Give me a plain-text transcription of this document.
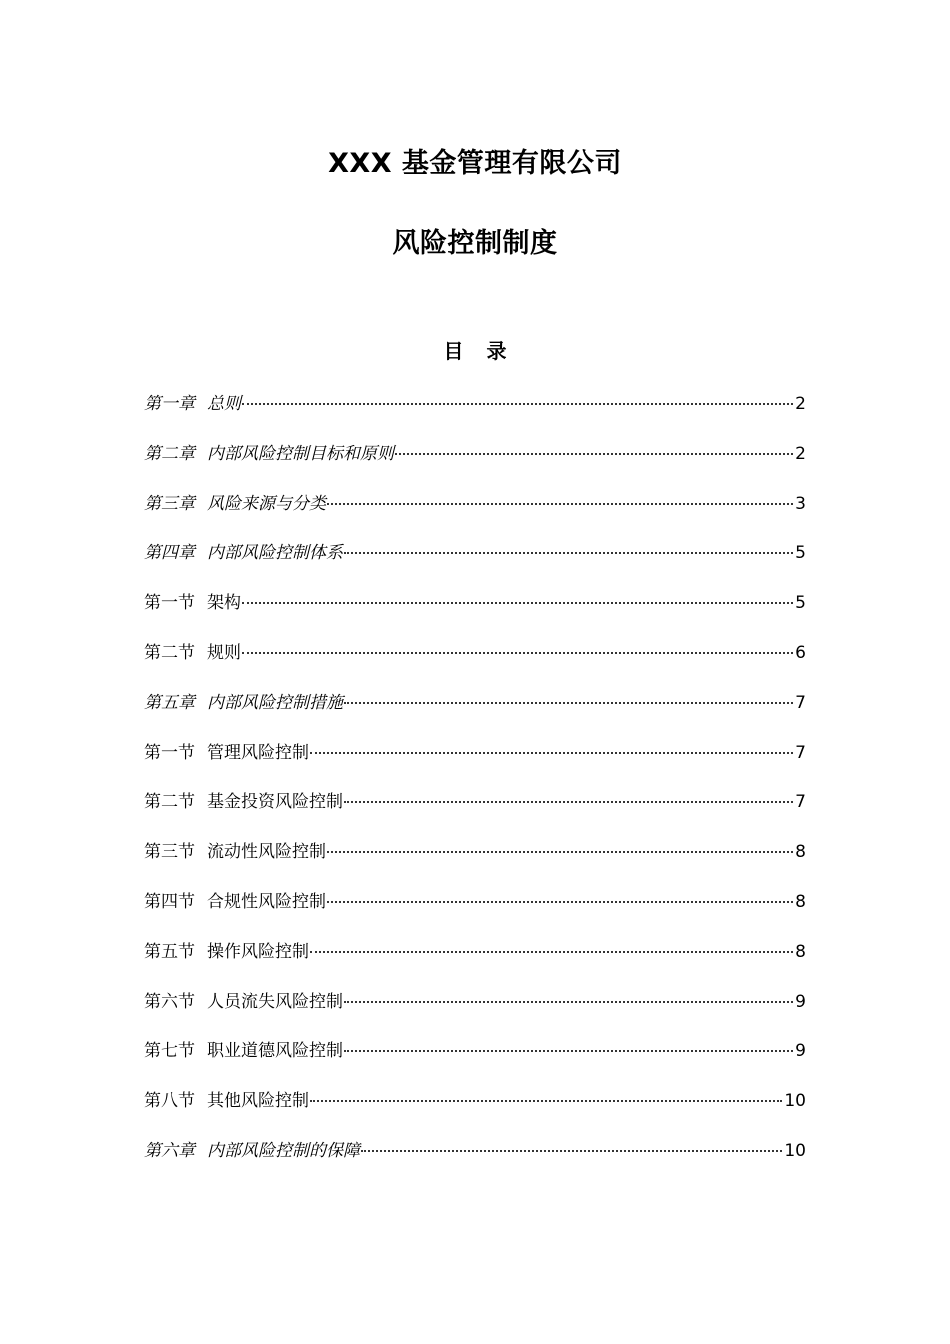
XXX 基金管理有限公司
风险控制制度
目 录
第一章 总则	2
第二章 内部风险控制目标和原则	2
第三章 风险来源与分类	3
第四章 内部风险控制体系	5
第一节 架构	5
第二节 规则	6
第五章 内部风险控制措施	7
第一节 管理风险控制	7
第二节 基金投资风险控制	7
第三节 流动性风险控制	8
第四节 合规性风险控制	8
第五节 操作风险控制	8
第六节 人员流失风险控制	9
第七节 职业道德风险控制	9
第八节 其他风险控制	10
第六章 内部风险控制的保障	10
